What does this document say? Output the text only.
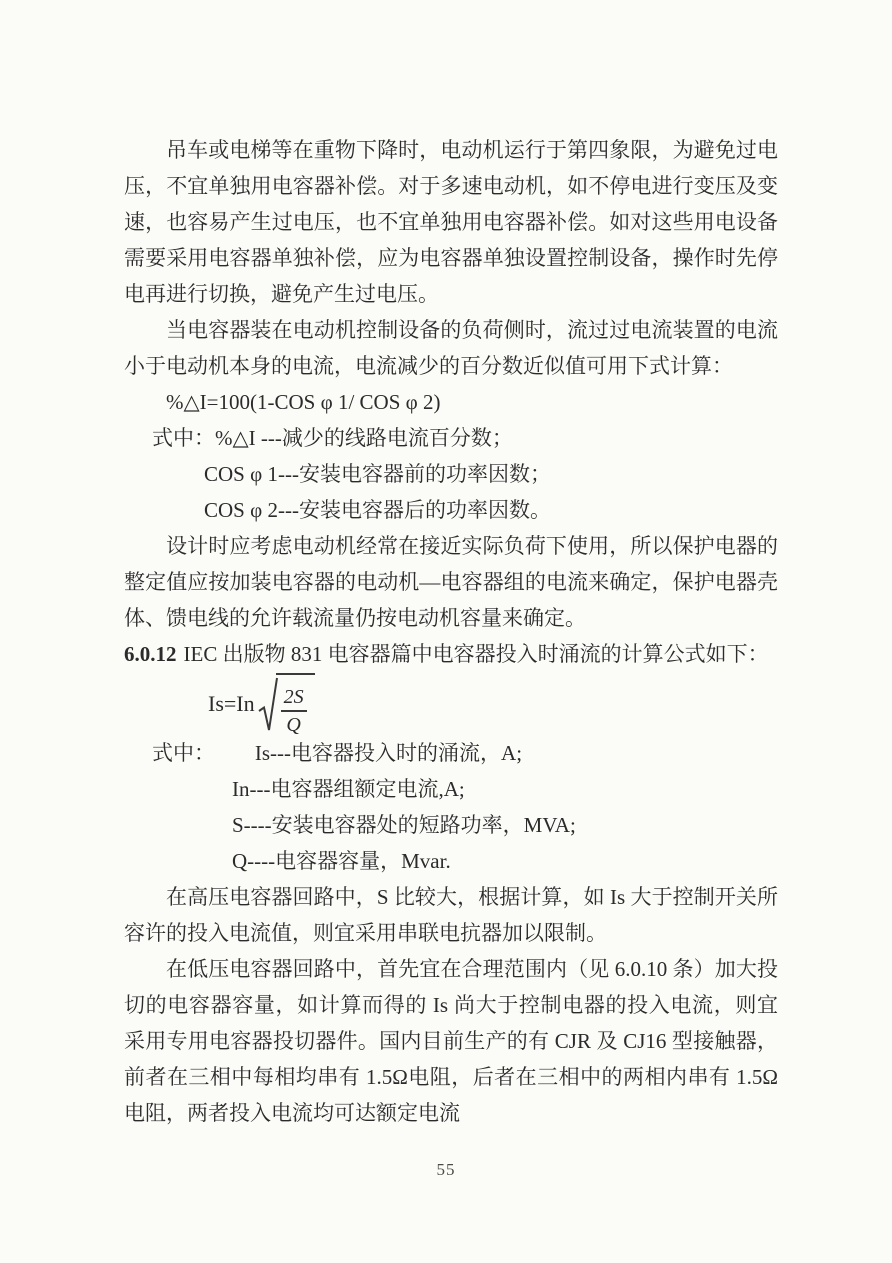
吊车或电梯等在重物下降时，电动机运行于第四象限，为避免过电压，不宜单独用电容器补偿。对于多速电动机，如不停电进行变压及变速，也容易产生过电压，也不宜单独用电容器补偿。如对这些用电设备需要采用电容器单独补偿，应为电容器单独设置控制设备，操作时先停电再进行切换，避免产生过电压。

当电容器装在电动机控制设备的负荷侧时，流过过电流装置的电流小于电动机本身的电流，电流减少的百分数近似值可用下式计算：

%△I=100(1-COS φ 1/ COS φ 2)

式中：%△I ---减少的线路电流百分数；

COS φ 1---安装电容器前的功率因数；

COS φ 2---安装电容器后的功率因数。

设计时应考虑电动机经常在接近实际负荷下使用，所以保护电器的整定值应按加装电容器的电动机—电容器组的电流来确定，保护电器壳体、馈电线的允许载流量仍按电动机容量来确定。

6.0.12 IEC 出版物 831 电容器篇中电容器投入时涌流的计算公式如下：

$Is=In \frac{2S}{Q}$

式中： Is---电容器投入时的涌流，A;

In---电容器组额定电流,A;

S----安装电容器处的短路功率，MVA;

Q----电容器容量，Mvar.

在高压电容器回路中，S 比较大，根据计算，如 Is 大于控制开关所容许的投入电流值，则宜采用串联电抗器加以限制。

在低压电容器回路中，首先宜在合理范围内（见 6.0.10 条）加大投切的电容器容量，如计算而得的 Is 尚大于控制电器的投入电流，则宜采用专用电容器投切器件。国内目前生产的有 CJR 及 CJ16 型接触器，前者在三相中每相均串有 1.5Ω电阻，后者在三相中的两相内串有 1.5Ω电阻，两者投入电流均可达额定电流

55
